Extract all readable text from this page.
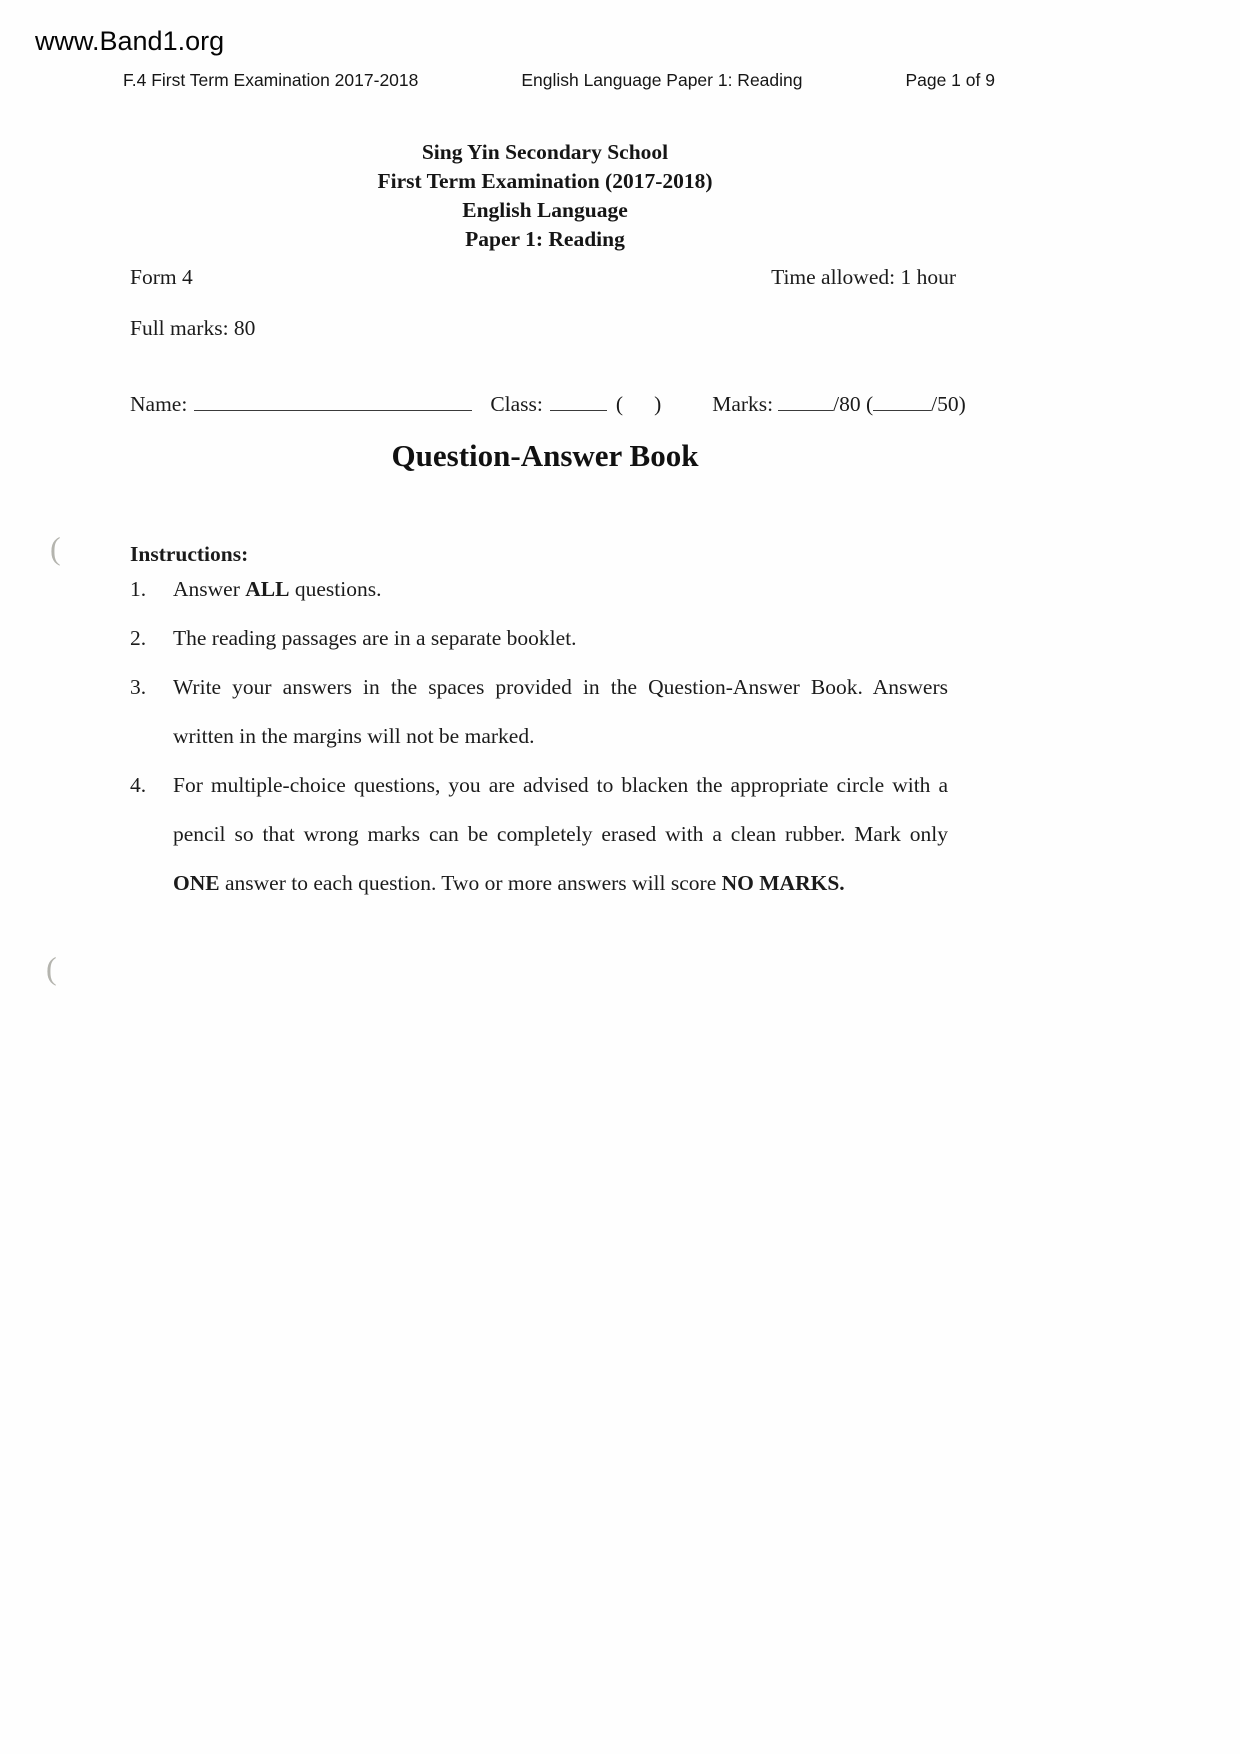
www.Band1.org
F.4 First Term Examination 2017-2018	English Language Paper 1: Reading	Page 1 of 9
Sing Yin Secondary School
First Term Examination (2017-2018)
English Language
Paper 1: Reading
Form 4	Time allowed: 1 hour
Full marks: 80
Name:	Class:	( ) Marks:	/80 (	/50)
Question-Answer Book
Instructions:
1.	Answer ALL questions.
2.	The reading passages are in a separate booklet.
3.	Write your answers in the spaces provided in the Question-Answer Book. Answers written in the margins will not be marked.
4.	For multiple-choice questions, you are advised to blacken the appropriate circle with a pencil so that wrong marks can be completely erased with a clean rubber. Mark only ONE answer to each question. Two or more answers will score NO MARKS.
(
(
